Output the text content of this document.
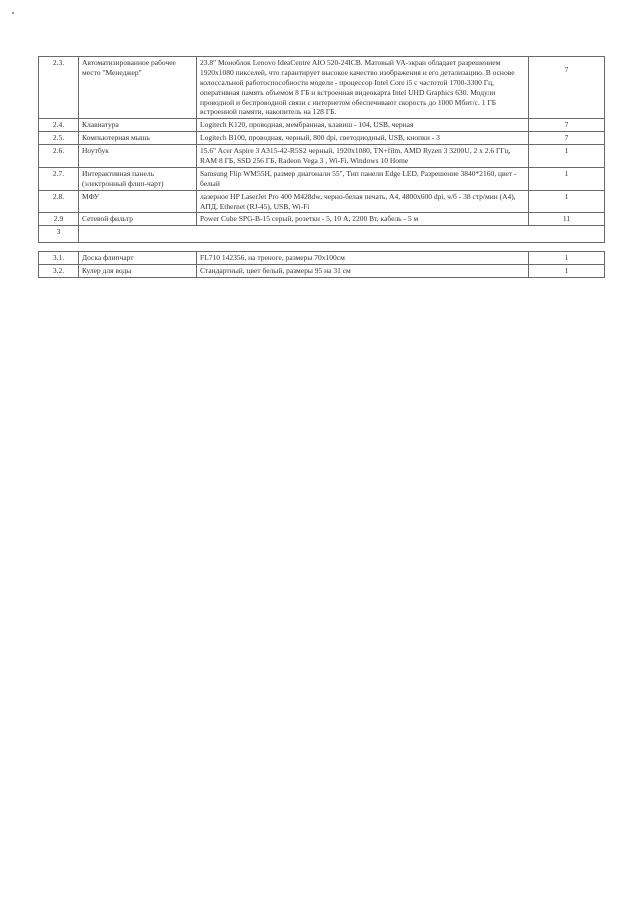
2.3.	Автоматизированное рабочее место "Менеджер"	23.8" Моноблок Lenovo IdeaCentre AIO 520-24ICB. Матовый VA-экран обладает разрешением 1920x1080 пикселей, что гарантирует высокое качество изображения и его детализацию. В основе колоссальной работоспособности модели - процессор Intel Core i5 с частотой 1700-3300 Гц, оперативная память объемом 8 ГБ и встроенная видеокарта Intel UHD Graphics 630. Модули проводной и беспроводной связи с интернетом обеспечивают скорость до 1000 Мбит/с. 1 ГБ встроенной памяти, накопитель на 128 ГБ.	7
2.4.	Клавиатура	Logitech K120, проводная, мембранная, клавиш - 104, USB, черная	7
2.5.	Компьютерная мышь	Logitech B100, проводная, черный, 800 dpi, светодиодный, USB, кнопки - 3	7
2.6.	Ноутбук	15.6" Acer Aspire 3 A315-42-R5S2 черный, 1920x1080, TN+film, AMD Ryzen 3 3200U, 2 x 2.6 ГГц, RAM 8 ГБ, SSD 256 ГБ, Radeon Vega 3 , Wi-Fi, Windows 10 Home	1
2.7.	Интерактивная панель (электронный флип-чарт)	Samsung Flip WM55H, размер диагонали 55", Тип панели Edge LED, Разрешение 3840*2160, цвет - белый	1
2.8.	МФУ	лазерное HP LaserJet Pro 400 M428dw, черно-белая печать, A4, 4800x600 dpi, ч/б - 38 стр/мин (A4), АПД, Ethernet (RJ-45), USB, Wi-Fi	1
2.9	Сетевой фильтр	Power Cube SPG-B-15 серый, розетки - 5, 10 А, 2200 Вт, кабель - 5 м	11
3			

3.1.	Доска флипчарт	FL710 142356, на треноге, размеры 70x100см	1
3.2.	Кулер для воды	Стандартный, цвет белый, размеры 95 на 31 см	1
